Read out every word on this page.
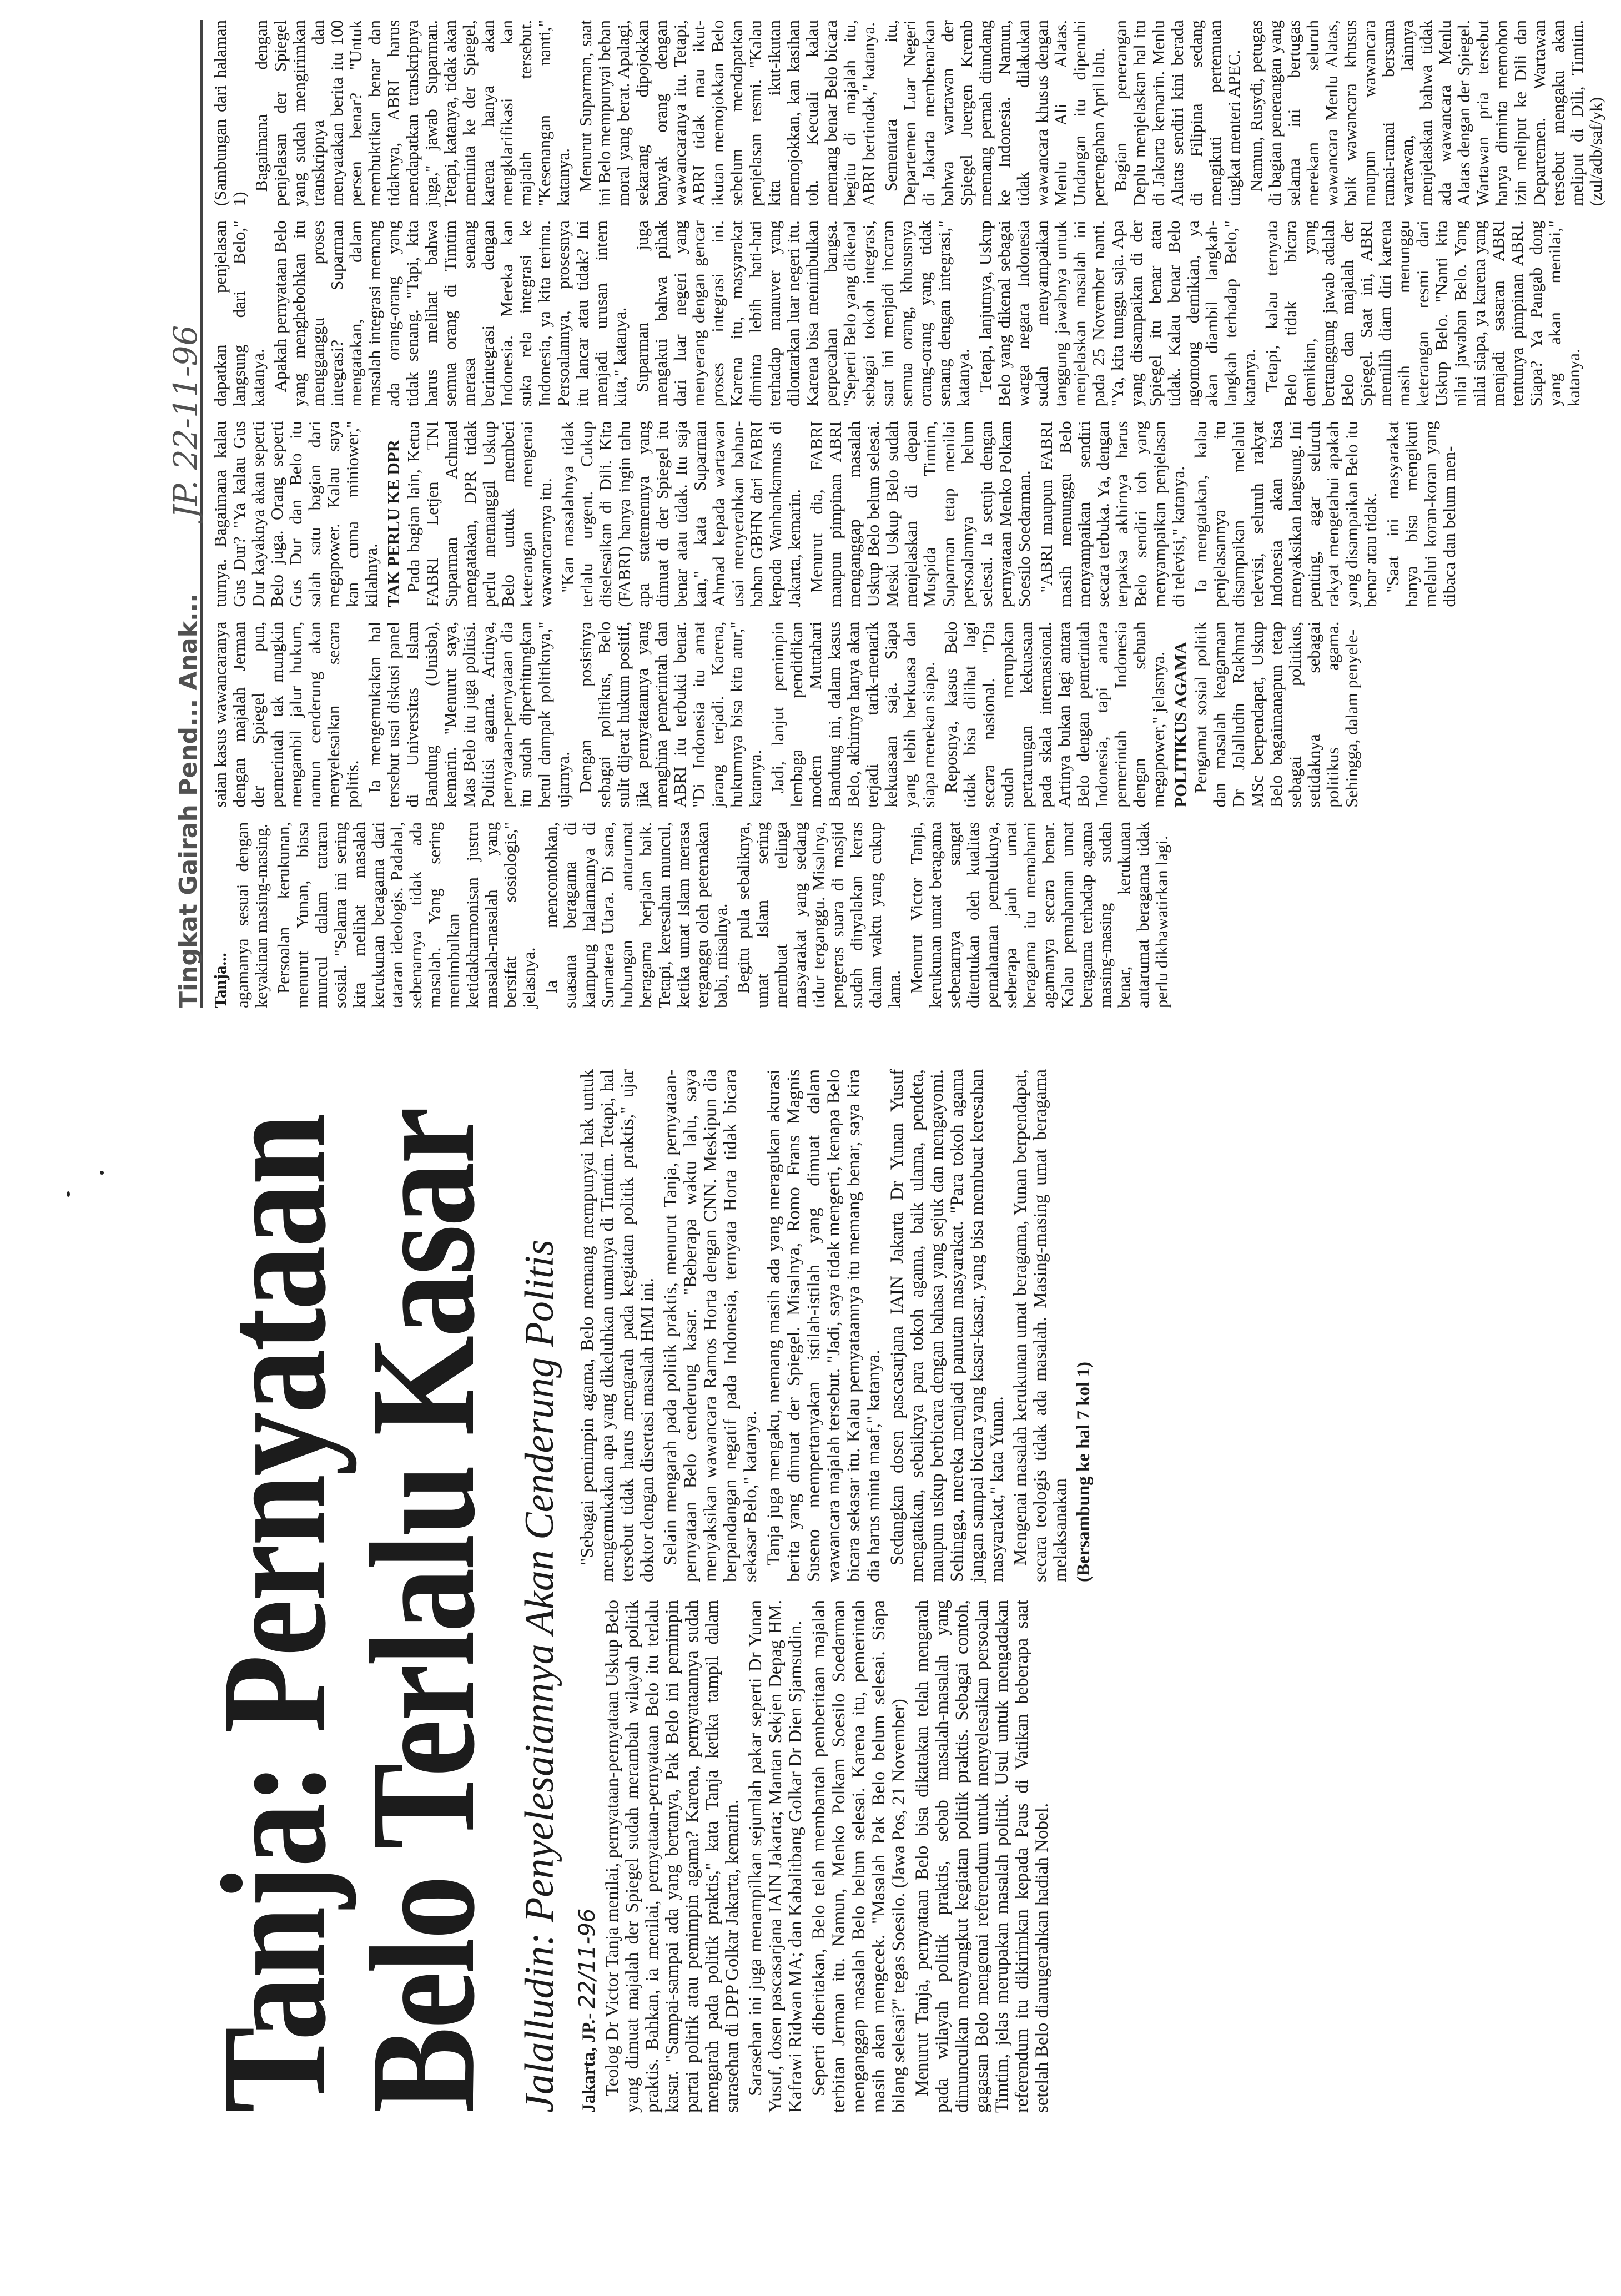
Tanja: Pernyataan
Belo Terlalu Kasar Jalalludin: Penyelesaiannya Akan Cenderung Politis Jakarta, JP.- 22/11-96 Teolog Dr Victor Tanja menilai, pernyataan-pernyataan Uskup Belo yang dimuat majalah der Spiegel sudah merambah wilayah politik praktis. Bahkan, ia menilai, pernyataan-pernyataan Belo itu terlalu kasar. "Sampai-sampai ada yang bertanya, Pak Belo ini pemimpin partai politik atau pemimpin agama? Karena, pernyataannya sudah mengarah pada politik praktis," kata Tanja ketika tampil dalam sarasehan di DPP Golkar Jakarta, kemarin. Sarasehan ini juga menampilkan sejumlah pakar seperti Dr Yunan Yusuf, dosen pascasarjana IAIN Jakarta; Mantan Sekjen Depag HM. Kafrawi Ridwan MA; dan Kabalitbang Golkar Dr Dien Sjamsudin. Seperti diberitakan, Belo telah membantah pemberitaan majalah terbitan Jerman itu. Namun, Menko Polkam Soesilo Soedarman menganggap masalah Belo belum selesai. Karena itu, pemerintah masih akan mengecek. "Masalah Pak Belo belum selesai. Siapa bilang selesai?" tegas Soesilo. (Jawa Pos, 21 November) Menurut Tanja, pernyataan Belo bisa dikatakan telah mengarah pada wilayah politik praktis, sebab masalah-masalah yang dimunculkan menyangkut kegiatan politik praktis. Sebagai contoh, gagasan Belo mengenai referendum untuk menyelesaikan persoalan Timtim, jelas merupakan masalah politik. Usul untuk mengadakan referendum itu dikirimkan kepada Paus di Vatikan beberapa saat setelah Belo dianugerahkan hadiah Nobel.

"Sebagai pemimpin agama, Belo memang mempunyai hak untuk mengemukakan apa yang dikeluhkan umatnya di Timtim. Tetapi, hal tersebut tidak harus mengarah pada kegiatan politik praktis," ujar doktor dengan disertasi masalah HMI ini. Selain mengarah pada politik praktis, menurut Tanja, pernyataan-pernyataan Belo cenderung kasar. "Beberapa waktu lalu, saya menyaksikan wawancara Ramos Horta dengan CNN. Meskipun dia berpandangan negatif pada Indonesia, ternyata Horta tidak bicara sekasar Belo," katanya. Tanja juga mengaku, memang masih ada yang meragukan akurasi berita yang dimuat der Spiegel. Misalnya, Romo Frans Magnis Suseno mempertanyakan istilah-istilah yang dimuat dalam wawancara majalah tersebut. "Jadi, saya tidak mengerti, kenapa Belo bicara sekasar itu. Kalau pernyataannya itu memang benar, saya kira dia harus minta maaf," katanya. Sedangkan dosen pascasarjana IAIN Jakarta Dr Yunan Yusuf mengatakan, sebaiknya para tokoh agama, baik ulama, pendeta, maupun uskup berbicara dengan bahasa yang sejuk dan mengayomi. Sehingga, mereka menjadi panutan masyarakat. "Para tokoh agama jangan sampai bicara yang kasar-kasar, yang bisa membuat keresahan masyarakat," kata Yunan. Mengenai masalah kerukunan umat beragama, Yunan berpendapat, secara teologis tidak ada masalah. Masing-masing umat beragama melaksanakan (Bersambung ke hal 7 kol 1)

Tingkat Gairah Pend... Anak... JP. 22-11-96

Tanja... agamanya sesuai dengan keyakinan masing-masing. Persoalan kerukunan, menurut Yunan, biasa muncul dalam tataran sosial. "Selama ini sering kita melihat masalah kerukunan beragama dari tataran ideologis. Padahal, sebenarnya tidak ada masalah. Yang sering menimbulkan ketidakharmonisan justru masalah-masalah yang bersifat sosiologis," jelasnya. Ia mencontohkan, suasana beragama di kampung halamannya di Sumatera Utara. Di sana, hubungan antarumat beragama berjalan baik. Tetapi, keresahan muncul, ketika umat Islam merasa terganggu oleh peternakan babi, misalnya. Begitu pula sebaliknya, umat Islam sering membuat telinga masyarakat yang sedang tidur terganggu. Misalnya, pengeras suara di masjid sudah dinyalakan keras dalam waktu yang cukup lama. Menurut Victor Tanja, kerukunan umat beragama sebenarnya sangat ditentukan oleh kualitas pemahaman pemeluknya, seberapa jauh umat beragama itu memahami agamanya secara benar. Kalau pemahaman umat beragama terhadap agama masing-masing sudah benar, kerukunan antarumat beragama tidak perlu dikhawatirkan lagi.

saian kasus wawancaranya dengan majalah Jerman der Spiegel pun, pemerintah tak mungkin mengambil jalur hukum, namun cenderung akan menyelesaikan secara politis. Ia mengemukakan hal tersebut usai diskusi panel di Universitas Islam Bandung (Unisba), kemarin. "Menurut saya, Mas Belo itu juga politisi. Politisi agama. Artinya, pernyataan-pernyataan dia itu sudah diperhitungkan betul dampak politiknya," ujarnya. Dengan posisinya sebagai politikus, Belo sulit dijerat hukum positif, jika pernyataannya yang menghina pemerintah dan ABRI itu terbukti benar. "Di Indonesia itu amat jarang terjadi. Karena, hukumnya bisa kita atur," katanya. Jadi, lanjut pemimpin lembaga pendidikan modern Muttahari Bandung ini, dalam kasus Belo, akhirnya hanya akan terjadi tarik-menarik kekuasaan saja. Siapa yang lebih berkuasa dan siapa menekan siapa. Reposnya, kasus Belo tidak bisa dilihat lagi secara nasional. "Dia sudah merupakan pertarungan kekuasaan pada skala internasional. Artinya bukan lagi antara Belo dengan pemerintah Indonesia, tapi antara pemerintah Indonesia dengan sebuah megapower," jelasnya. POLITIKUS AGAMA Pengamat sosial politik dan masalah keagamaan Dr Jalalludin Rakhmat MSc berpendapat, Uskup Belo bagaimanapun tetap sebagai politikus, setidaknya sebagai politikus agama. Sehingga, dalam penyele-

turnya. Bagaimana kalau Gus Dur? "Ya kalau Gus Dur kayaknya akan seperti Belo juga. Orang seperti Gus Dur dan Belo itu salah satu bagian dari megapower. Kalau saya kan cuma miniower," kilahnya. TAK PERLU KE DPR Pada bagian lain, Ketua FABRI Letjen TNI Suparman Achmad mengatakan, DPR tidak perlu memanggil Uskup Belo untuk memberi keterangan mengenai wawancaranya itu. "Kan masalahnya tidak terlalu urgent. Cukup diselesaikan di Dili. Kita (FABRI) hanya ingin tahu apa statemennya yang dimuat di der Spiegel itu benar atau tidak. Itu saja kan," kata Suparman Ahmad kepada wartawan usai menyerahkan bahan-bahan GBHN dari FABRI kepada Wanhankamnas di Jakarta, kemarin. Menurut dia, FABRI maupun pimpinan ABRI menganggap masalah Uskup Belo belum selesai. Meski Uskup Belo sudah menjelaskan di depan Muspida Timtim, Suparman tetap menilai persoalannya belum selesai. Ia setuju dengan pernyataan Menko Polkam Soesilo Soedarman. "ABRI maupun FABRI masih menunggu Belo menyampaikan sendiri secara terbuka. Ya, dengan terpaksa akhirnya harus Belo sendiri toh yang menyampaikan penjelasan di televisi," katanya. Ia mengatakan, kalau penjelasannya itu disampaikan melalui televisi, seluruh rakyat Indonesia akan bisa menyaksikan langsung. Ini penting, agar seluruh rakyat mengetahui apakah yang disampaikan Belo itu benar atau tidak. "Saat ini masyarakat hanya bisa mengikuti melalui koran-koran yang dibaca dan belum men-

dapatkan penjelasan langsung dari Belo," katanya. Apakah pernyataan Belo yang menghebohkan itu mengganggu proses integrasi? Suparman mengatakan, dalam masalah integrasi memang ada orang-orang yang tidak senang. "Tapi, kita harus melihat bahwa semua orang di Timtim merasa senang berintegrasi dengan Indonesia. Mereka kan suka rela integrasi ke Indonesia, ya kita terima. Persoalannya, prosesnya itu lancar atau tidak? Ini menjadi urusan intern kita," katanya. Suparman juga mengakui bahwa pihak dari luar negeri yang menyerang dengan gencar proses integrasi ini. Karena itu, masyarakat diminta lebih hati-hati terhadap manuver yang dilontarkan luar negeri itu. Karena bisa menimbulkan perpecahan bangsa. "Seperti Belo yang dikenal sebagai tokoh integrasi, saat ini menjadi incaran semua orang, khususnya orang-orang yang tidak senang dengan integrasi," katanya. Tetapi, lanjutnya, Uskup Belo yang dikenal sebagai warga negara Indonesia sudah menyampaikan tanggung jawabnya untuk menjelaskan masalah ini pada 25 November nanti. "Ya, kita tunggu saja. Apa yang disampaikan di der Spiegel itu benar atau tidak. Kalau benar Belo ngomong demikian, ya akan diambil langkah-langkah terhadap Belo," katanya. Tetapi, kalau ternyata Belo tidak bicara demikian, yang bertanggung jawab adalah Belo dan majalah der Spiegel. Saat ini, ABRI memilih diam diri karena masih menunggu keterangan resmi dari Uskup Belo. "Nanti kita nilai jawaban Belo. Yang nilai siapa, ya karena yang menjadi sasaran ABRI tentunya pimpinan ABRI. Siapa? Ya Pangab dong yang akan menilai," katanya.

(Sambungan dari halaman 1)

Bagaimana dengan penjelasan der Spiegel yang sudah mengirimkan transkripnya dan menyatakan berita itu 100 persen benar? "Untuk membuktikan benar dan tidaknya, ABRI harus mendapatkan transkripnya juga," jawab Suparman. Tetapi, katanya, tidak akan meminta ke der Spiegel, karena hanya akan mengklarifikasi kan majalah tersebut. "Kesenangan nanti," katanya. Menurut Suparman, saat ini Belo mempunyai beban moral yang berat. Apalagi, sekarang dipojokkan banyak orang dengan wawancaranya itu. Tetapi, ABRI tidak mau ikut-ikutan memojokkan Belo sebelum mendapatkan penjelasan resmi. "Kalau kita ikut-ikutan memojokkan, kan kasihan toh. Kecuali kalau memang benar Belo bicara begitu di majalah itu, ABRI bertindak," katanya. Sementara itu, Departemen Luar Negeri di Jakarta membenarkan bahwa wartawan der Spiegel Juergen Kremb memang pernah diundang ke Indonesia. Namun, tidak dilakukan wawancara khusus dengan Menlu Ali Alatas. Undangan itu dipenuhi pertengahan April lalu. Bagian penerangan Deplu menjelaskan hal itu di Jakarta kemarin. Menlu Alatas sendiri kini berada di Filipina sedang mengikuti pertemuan tingkat menteri APEC. Namun, Rusydi, petugas di bagian penerangan yang selama ini bertugas merekam seluruh wawancara Menlu Alatas, baik wawancara khusus maupun wawancara ramai-ramai bersama wartawan, lainnya menjelaskan bahwa tidak ada wawancara Menlu Alatas dengan der Spiegel. Wartawan pria tersebut hanya diminta memohon izin meliput ke Dili dan Departemen. Wartawan tersebut mengaku akan meliput di Dili, Timtim. (zul/adb/saf/yk)
